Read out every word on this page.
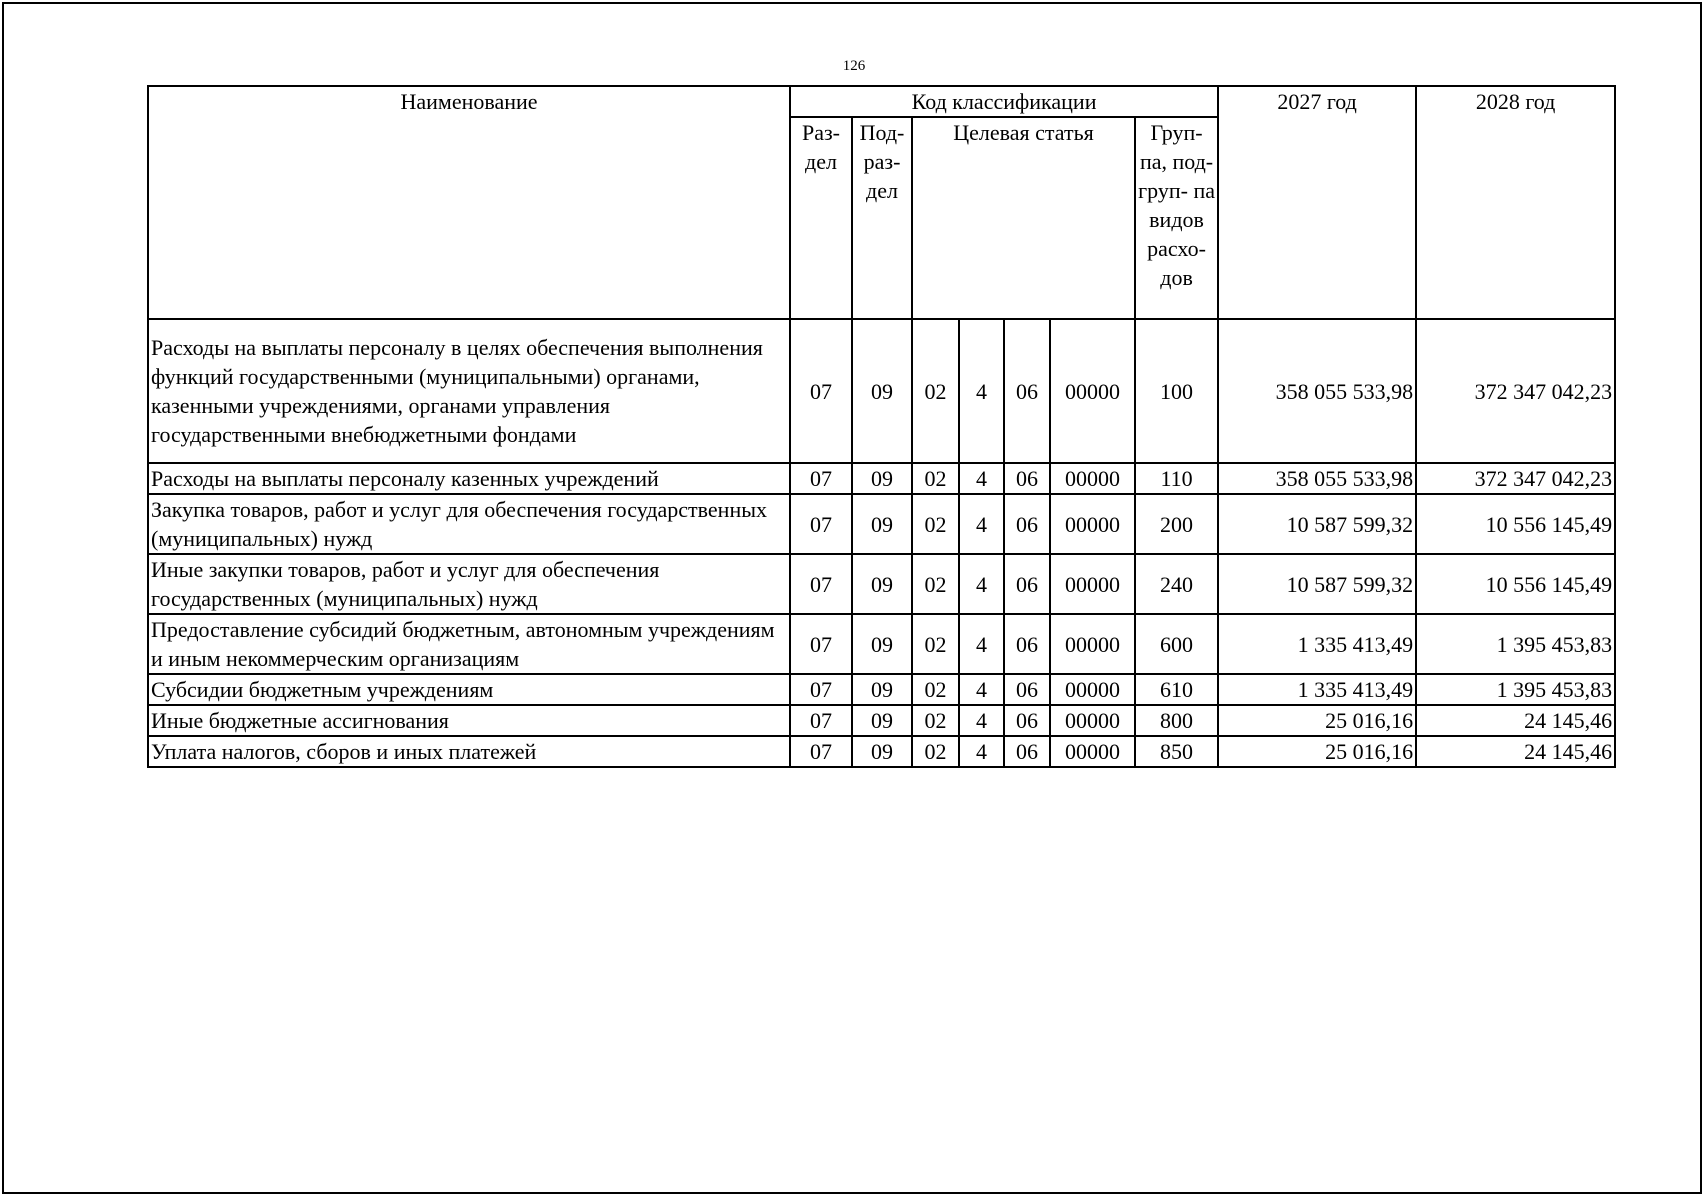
126
Наименование	Код классификации							2027 год	2028 год

	Раз- дел	Под- раз- дел	Целевая статья				Груп- па, под- груп- па видов расхо- дов		

Расходы на выплаты персоналу в целях обеспечения выполнения функций государственными (муниципальными) органами, казенными учреждениями, органами управления государственными внебюджетными фондами	07	09	02	4	06	00000	100	358 055 533,98	372 347 042,23
Расходы на выплаты персоналу казенных учреждений	07	09	02	4	06	00000	110	358 055 533,98	372 347 042,23
Закупка товаров, работ и услуг для обеспечения государственных (муниципальных) нужд	07	09	02	4	06	00000	200	10 587 599,32	10 556 145,49
Иные закупки товаров, работ и услуг для обеспечения государственных (муниципальных) нужд	07	09	02	4	06	00000	240	10 587 599,32	10 556 145,49
Предоставление субсидий бюджетным, автономным учреждениям и иным некоммерческим организациям	07	09	02	4	06	00000	600	1 335 413,49	1 395 453,83
Субсидии бюджетным учреждениям	07	09	02	4	06	00000	610	1 335 413,49	1 395 453,83
Иные бюджетные ассигнования	07	09	02	4	06	00000	800	25 016,16	24 145,46
Уплата налогов, сборов и иных платежей	07	09	02	4	06	00000	850	25 016,16	24 145,46
